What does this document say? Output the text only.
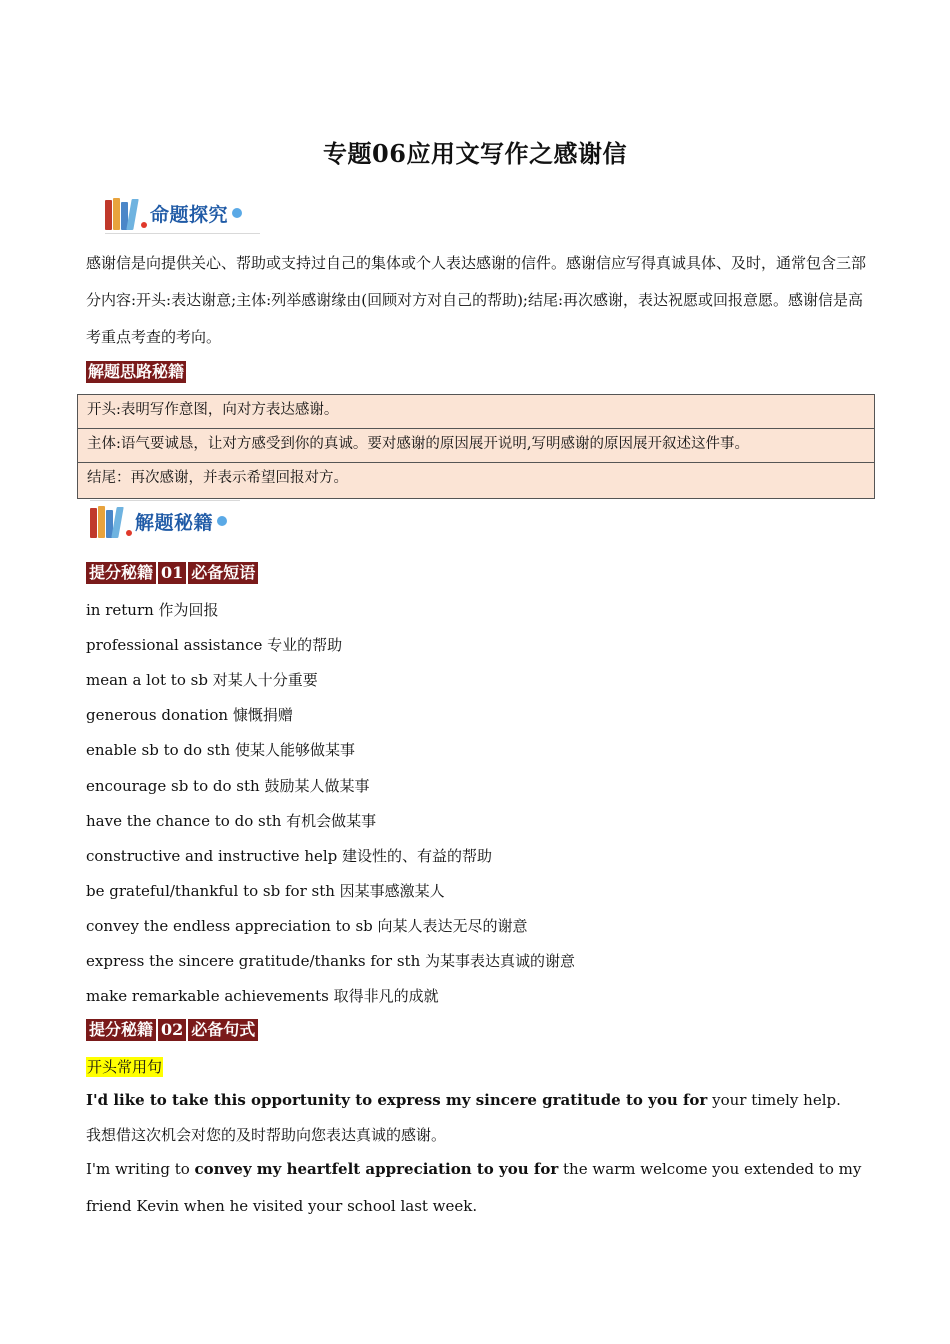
专题06应用文写作之感谢信
命题探究
感谢信是向提供关心、帮助或支持过自己的集体或个人表达感谢的信件。感谢信应写得真诚具体、及时，通常包含三部分内容:开头:表达谢意;主体:列举感谢缘由(回顾对方对自己的帮助);结尾:再次感谢，表达祝愿或回报意愿。感谢信是高考重点考查的考向。
解题思路秘籍
开头:表明写作意图，向对方表达感谢。
主体:语气要诚恳，让对方感受到你的真诚。要对感谢的原因展开说明,写明感谢的原因展开叙述这件事。
结尾：再次感谢，并表示希望回报对方。
解题秘籍
提分秘籍 01 必备短语
in return 作为回报
professional assistance 专业的帮助
mean a lot to sb 对某人十分重要
generous donation 慷慨捐赠
enable sb to do sth 使某人能够做某事
encourage sb to do sth 鼓励某人做某事
have the chance to do sth 有机会做某事
constructive and instructive help 建设性的、有益的帮助
be grateful/thankful to sb for sth 因某事感激某人
convey the endless appreciation to sb 向某人表达无尽的谢意
express the sincere gratitude/thanks for sth 为某事表达真诚的谢意
make remarkable achievements 取得非凡的成就
提分秘籍 02 必备句式
开头常用句
I'd like to take this opportunity to express my sincere gratitude to you for your timely help.
我想借这次机会对您的及时帮助向您表达真诚的感谢。
I'm writing to convey my heartfelt appreciation to you for the warm welcome you extended to my friend Kevin when he visited your school last week.
